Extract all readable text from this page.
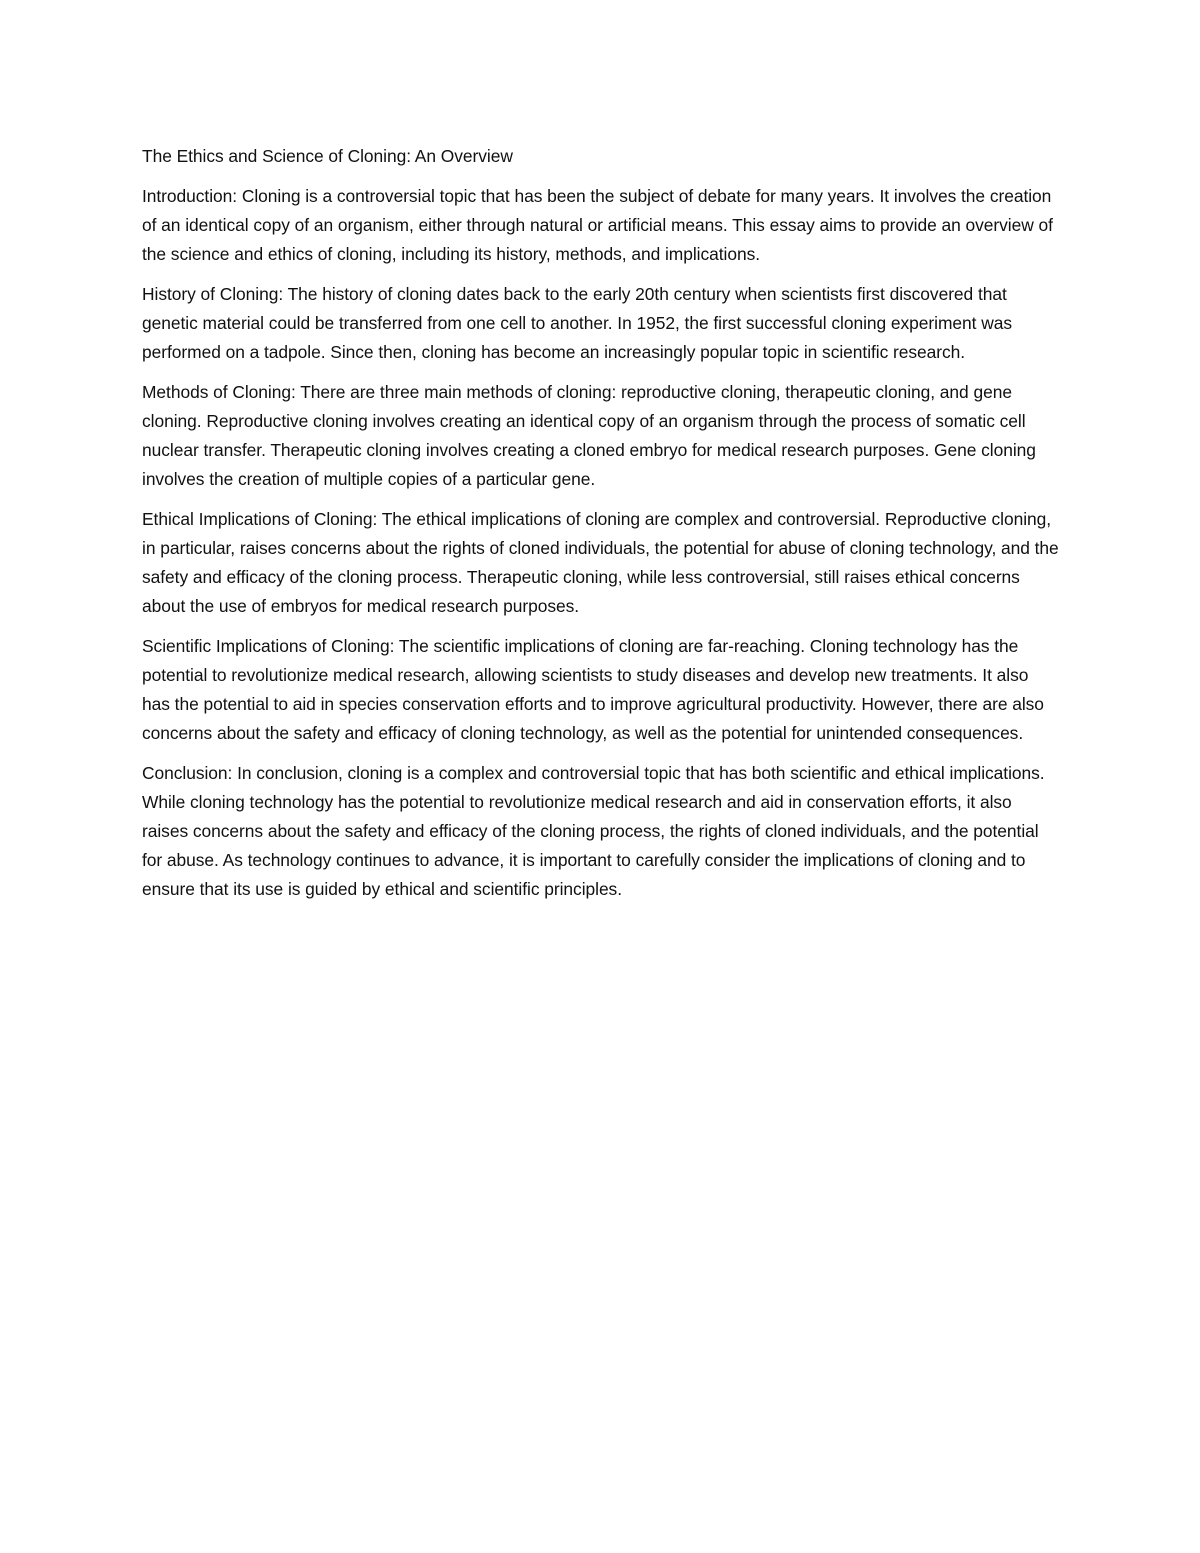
The Ethics and Science of Cloning: An Overview

Introduction: Cloning is a controversial topic that has been the subject of debate for many years. It involves the creation of an identical copy of an organism, either through natural or artificial means. This essay aims to provide an overview of the science and ethics of cloning, including its history, methods, and implications.

History of Cloning: The history of cloning dates back to the early 20th century when scientists first discovered that genetic material could be transferred from one cell to another. In 1952, the first successful cloning experiment was performed on a tadpole. Since then, cloning has become an increasingly popular topic in scientific research.

Methods of Cloning: There are three main methods of cloning: reproductive cloning, therapeutic cloning, and gene cloning. Reproductive cloning involves creating an identical copy of an organism through the process of somatic cell nuclear transfer. Therapeutic cloning involves creating a cloned embryo for medical research purposes. Gene cloning involves the creation of multiple copies of a particular gene.

Ethical Implications of Cloning: The ethical implications of cloning are complex and controversial. Reproductive cloning, in particular, raises concerns about the rights of cloned individuals, the potential for abuse of cloning technology, and the safety and efficacy of the cloning process. Therapeutic cloning, while less controversial, still raises ethical concerns about the use of embryos for medical research purposes.

Scientific Implications of Cloning: The scientific implications of cloning are far-reaching. Cloning technology has the potential to revolutionize medical research, allowing scientists to study diseases and develop new treatments. It also has the potential to aid in species conservation efforts and to improve agricultural productivity. However, there are also concerns about the safety and efficacy of cloning technology, as well as the potential for unintended consequences.

Conclusion: In conclusion, cloning is a complex and controversial topic that has both scientific and ethical implications. While cloning technology has the potential to revolutionize medical research and aid in conservation efforts, it also raises concerns about the safety and efficacy of the cloning process, the rights of cloned individuals, and the potential for abuse. As technology continues to advance, it is important to carefully consider the implications of cloning and to ensure that its use is guided by ethical and scientific principles.
